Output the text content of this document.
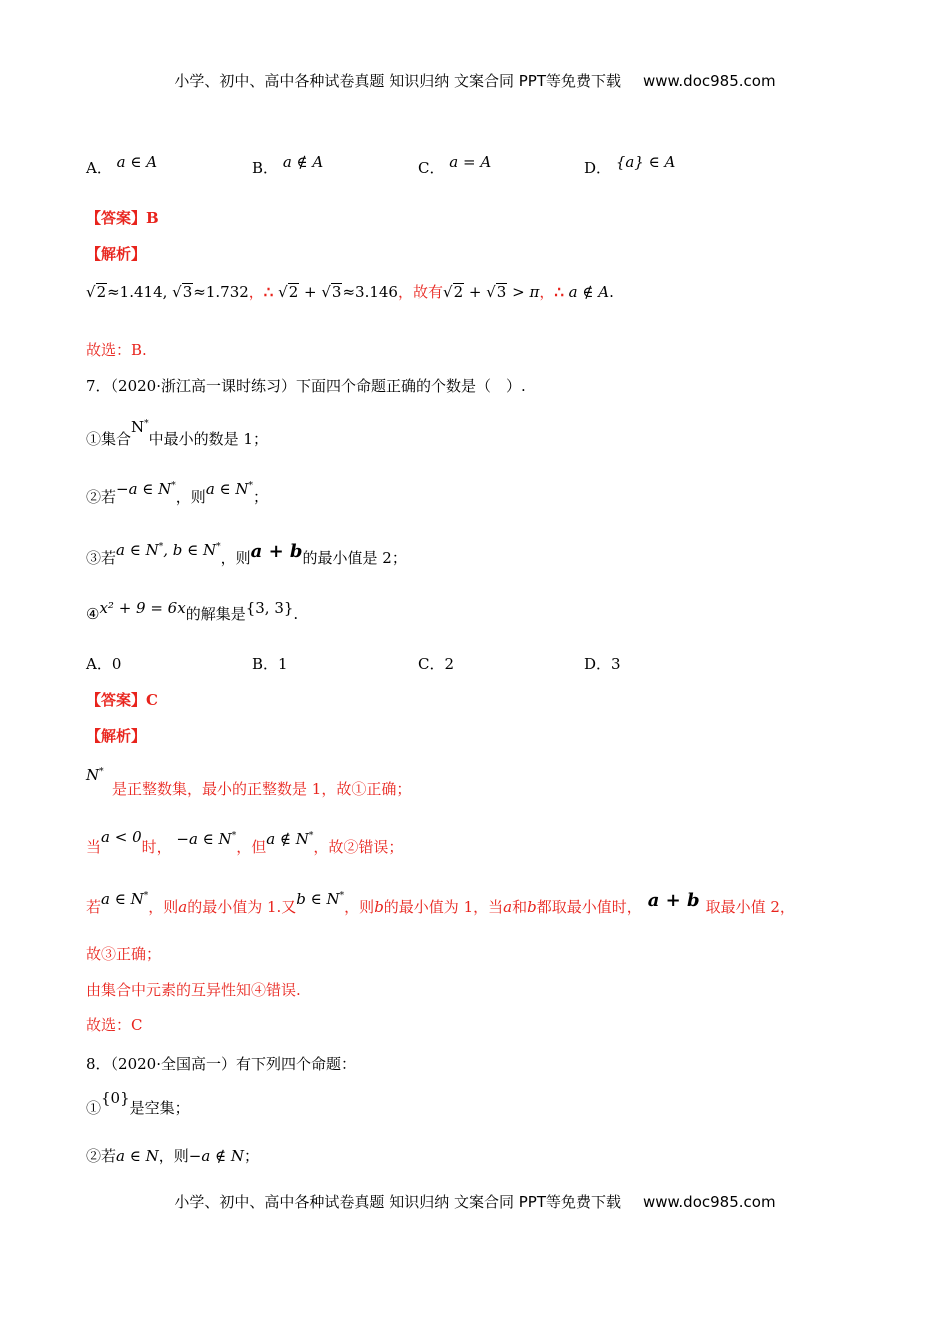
小学、初中、高中各种试卷真题 知识归纳 文案合同 PPT等免费下载 www.doc985.com
A． a ∈ A	B． a ∉ A	C． a = A	D． {a} ∈ A
【答案】B
【解析】
√2≈1.414, √3≈1.732，∴ √2 + √3≈3.146，故有√2 + √3 > π，∴ a ∉ A.
故选：B.
7．（2020·浙江高一课时练习）下面四个命题正确的个数是（　）.
①集合N*中最小的数是 1；
②若−a ∈ N*，则a ∈ N*；
③若a ∈ N*, b ∈ N*，则a + b的最小值是 2；
④x² + 9 = 6x的解集是{3, 3}.
A．0	B．1	C．2	D．3
【答案】C
【解析】
N*是正整数集，最小的正整数是 1，故①正确；
当a < 0时， −a ∈ N*，但a ∉ N*，故②错误；
若a ∈ N*，则a的最小值为 1.又b ∈ N*，则b的最小值为 1，当a和b都取最小值时， a + b 取最小值 2，
故③正确；
由集合中元素的互异性知④错误.
故选：C
8．（2020·全国高一）有下列四个命题：
①{0}是空集；
②若a ∈ N，则−a ∉ N；
小学、初中、高中各种试卷真题 知识归纳 文案合同 PPT等免费下载 www.doc985.com
